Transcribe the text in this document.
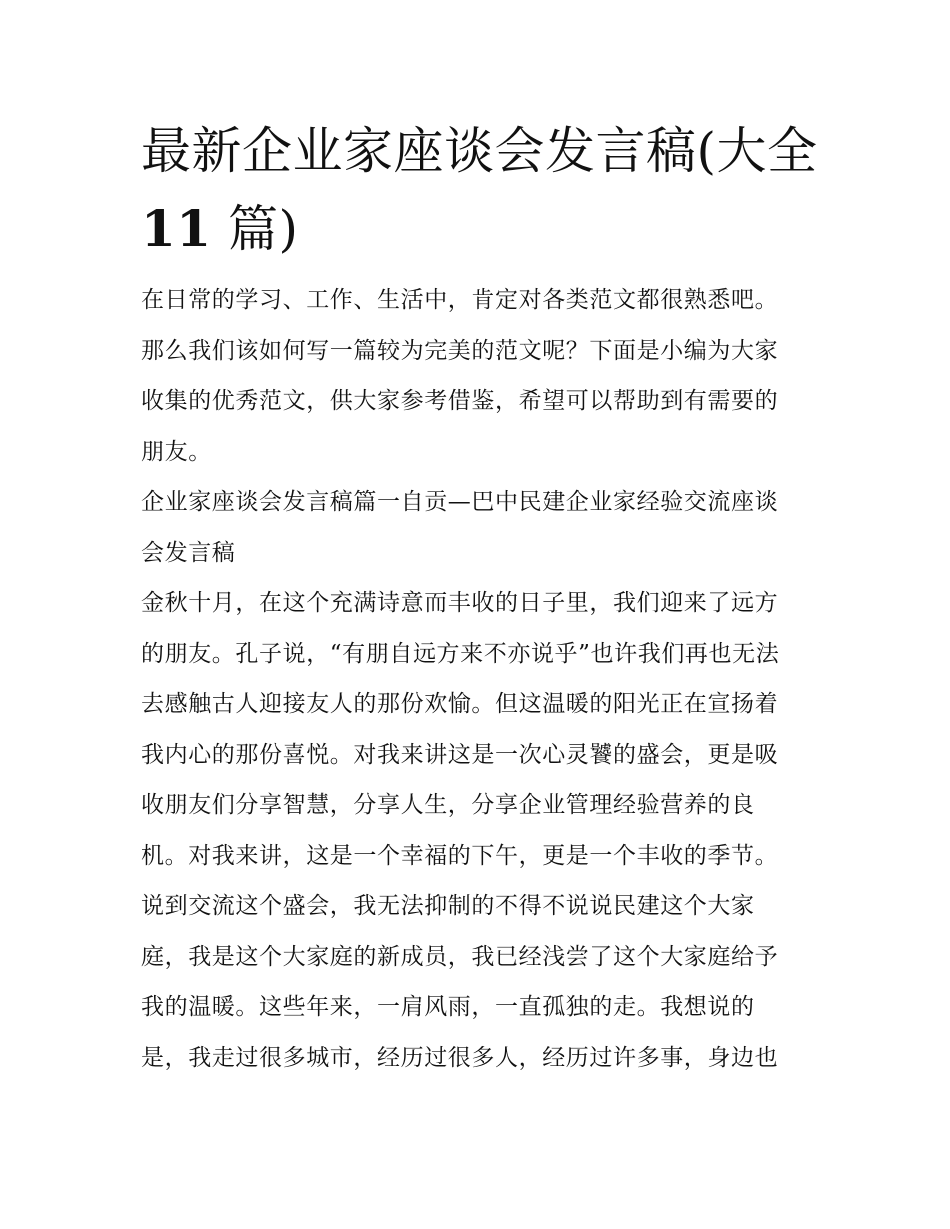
最新企业家座谈会发言稿(大全
11 篇)
在日常的学习、工作、生活中，肯定对各类范文都很熟悉吧。
那么我们该如何写一篇较为完美的范文呢？下面是小编为大家
收集的优秀范文，供大家参考借鉴，希望可以帮助到有需要的
朋友。
企业家座谈会发言稿篇一自贡—巴中民建企业家经验交流座谈
会发言稿
金秋十月，在这个充满诗意而丰收的日子里，我们迎来了远方
的朋友。孔子说，“有朋自远方来不亦说乎”也许我们再也无法
去感触古人迎接友人的那份欢愉。但这温暖的阳光正在宣扬着
我内心的那份喜悦。对我来讲这是一次心灵饕的盛会，更是吸
收朋友们分享智慧，分享人生，分享企业管理经验营养的良
机。对我来讲，这是一个幸福的下午，更是一个丰收的季节。
说到交流这个盛会，我无法抑制的不得不说说民建这个大家
庭，我是这个大家庭的新成员，我已经浅尝了这个大家庭给予
我的温暖。这些年来，一肩风雨，一直孤独的走。我想说的
是，我走过很多城市，经历过很多人，经历过许多事，身边也
